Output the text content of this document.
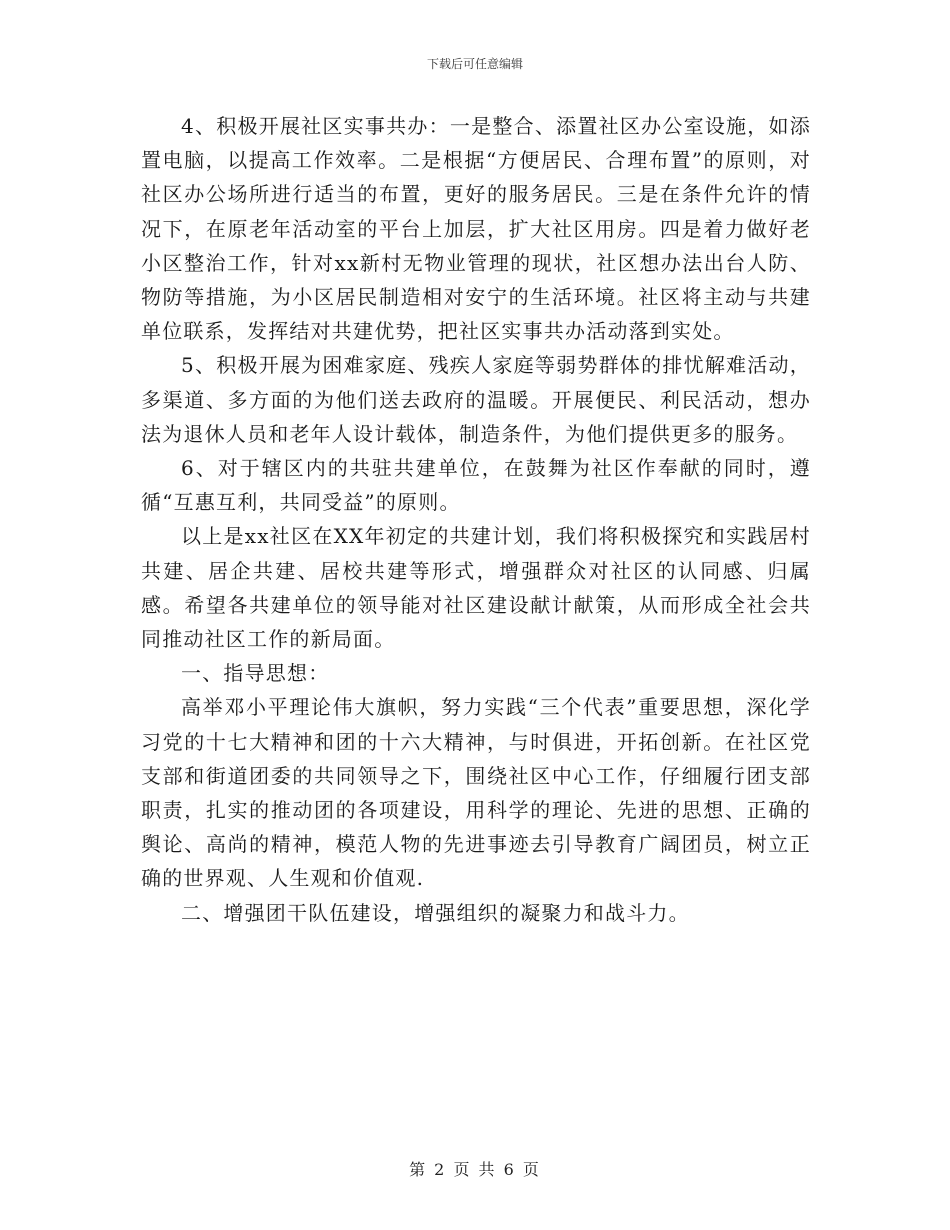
下载后可任意编辑

4、积极开展社区实事共办：一是整合、添置社区办公室设施，如添置电脑，以提高工作效率。二是根据“方便居民、合理布置”的原则，对社区办公场所进行适当的布置，更好的服务居民。三是在条件允许的情况下，在原老年活动室的平台上加层，扩大社区用房。四是着力做好老小区整治工作，针对xx新村无物业管理的现状，社区想办法出台人防、物防等措施，为小区居民制造相对安宁的生活环境。社区将主动与共建单位联系，发挥结对共建优势，把社区实事共办活动落到实处。

5、积极开展为困难家庭、残疾人家庭等弱势群体的排忧解难活动，多渠道、多方面的为他们送去政府的温暖。开展便民、利民活动，想办法为退休人员和老年人设计载体，制造条件，为他们提供更多的服务。

6、对于辖区内的共驻共建单位，在鼓舞为社区作奉献的同时，遵循“互惠互利，共同受益”的原则。

以上是xx社区在XX年初定的共建计划，我们将积极探究和实践居村共建、居企共建、居校共建等形式，增强群众对社区的认同感、归属感。希望各共建单位的领导能对社区建设献计献策，从而形成全社会共同推动社区工作的新局面。

一、指导思想：

高举邓小平理论伟大旗帜，努力实践“三个代表”重要思想，深化学习党的十七大精神和团的十六大精神，与时俱进，开拓创新。在社区党支部和街道团委的共同领导之下，围绕社区中心工作，仔细履行团支部职责，扎实的推动团的各项建设，用科学的理论、先进的思想、正确的舆论、高尚的精神，模范人物的先进事迹去引导教育广阔团员，树立正确的世界观、人生观和价值观.

二、增强团干队伍建设，增强组织的凝聚力和战斗力。

第 2 页 共 6 页
